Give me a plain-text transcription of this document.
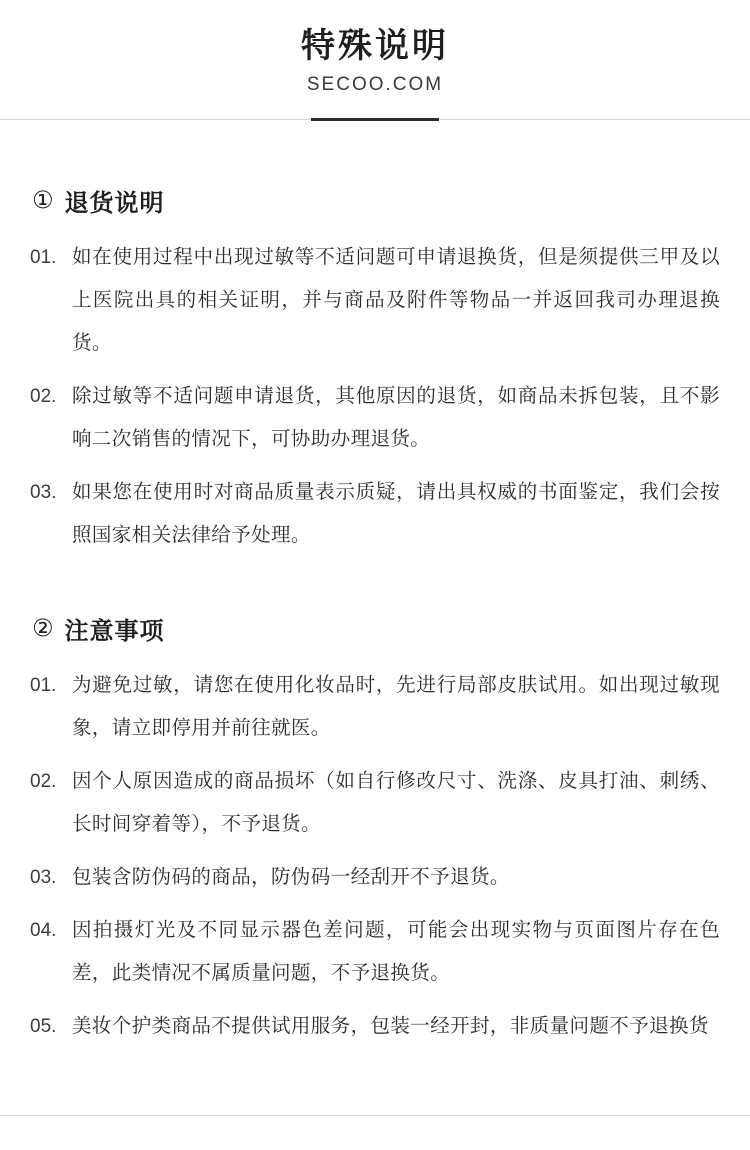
特殊说明
SECOO.COM
① 退货说明
01. 如在使用过程中出现过敏等不适问题可申请退换货，但是须提供三甲及以上医院出具的相关证明，并与商品及附件等物品一并返回我司办理退换货。
02. 除过敏等不适问题申请退货，其他原因的退货，如商品未拆包装，且不影响二次销售的情况下，可协助办理退货。
03. 如果您在使用时对商品质量表示质疑，请出具权威的书面鉴定，我们会按照国家相关法律给予处理。
② 注意事项
01. 为避免过敏，请您在使用化妆品时，先进行局部皮肤试用。如出现过敏现象，请立即停用并前往就医。
02. 因个人原因造成的商品损坏（如自行修改尺寸、洗涤、皮具打油、刺绣、长时间穿着等），不予退货。
03. 包装含防伪码的商品，防伪码一经刮开不予退货。
04. 因拍摄灯光及不同显示器色差问题，可能会出现实物与页面图片存在色差，此类情况不属质量问题，不予退换货。
05. 美妆个护类商品不提供试用服务，包装一经开封，非质量问题不予退换货
